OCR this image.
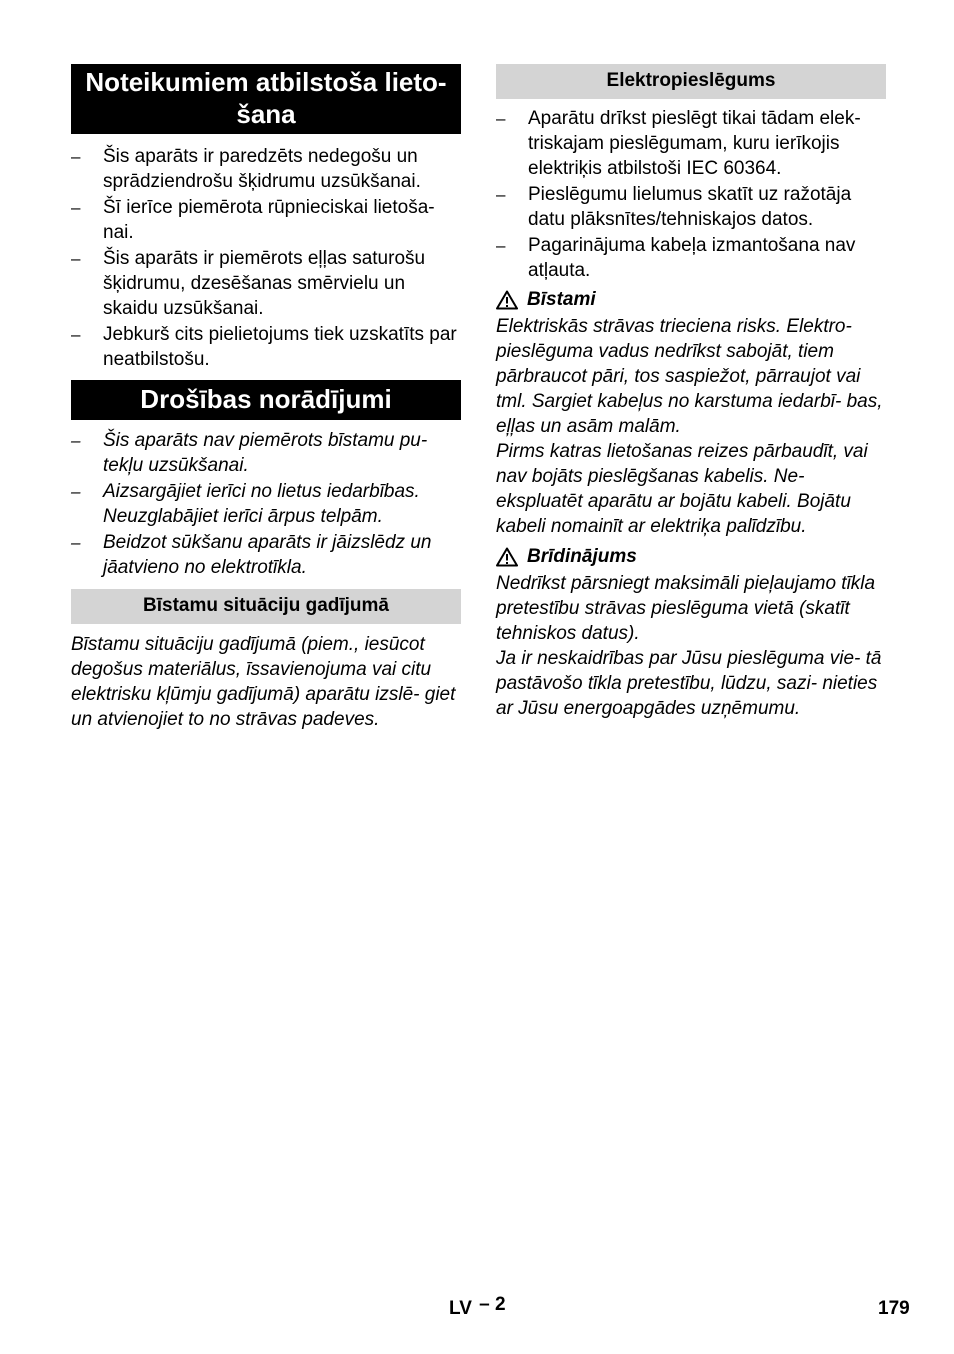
Noteikumiem atbilstoša lieto-
šana
– Šis aparāts ir paredzēts nedegošu un sprādziendrošu šķidrumu uzsūkšanai.
– Šī ierīce piemērota rūpnieciskai lietoša- nai.
– Šis aparāts ir piemērots eļļas saturošu šķidrumu, dzesēšanas smērvielu un skaidu uzsūkšanai.
– Jebkurš cits pielietojums tiek uzskatīts par neatbilstošu.
Drošības norādījumi
– Šis aparāts nav piemērots bīstamu pu- tekļu uzsūkšanai.
– Aizsargājiet ierīci no lietus iedarbības. Neuzglabājiet ierīci ārpus telpām.
– Beidzot sūkšanu aparāts ir jāizslēdz un jāatvieno no elektrotīkla.
Bīstamu situāciju gadījumā

Bīstamu situāciju gadījumā (piem., iesūcot degošus materiālus, īssavienojuma vai citu elektrisku kļūmju gadījumā) aparātu izslē- giet un atvienojiet to no strāvas padeves.

Elektropieslēgums
– Aparātu drīkst pieslēgt tikai tādam elek- triskajam pieslēgumam, kuru ierīkojis elektriķis atbilstoši IEC 60364.
– Pieslēgumu lielumus skatīt uz ražotāja datu plāksnītes/tehniskajos datos.
– Pagarinājuma kabeļa izmantošana nav atļauta.
Bīstami

Elektriskās strāvas trieciena risks. Elektro- pieslēguma vadus nedrīkst sabojāt, tiem pārbraucot pāri, tos saspiežot, pārraujot vai tml. Sargiet kabeļus no karstuma iedarbī- bas, eļļas un asām malām.

Pirms katras lietošanas reizes pārbaudīt, vai nav bojāts pieslēgšanas kabelis. Ne- ekspluatēt aparātu ar bojātu kabeli. Bojātu kabeli nomainīt ar elektriķa palīdzību.

Brīdinājums

Nedrīkst pārsniegt maksimāli pieļaujamo tīkla pretestību strāvas pieslēguma vietā (skatīt tehniskos datus).

Ja ir neskaidrības par Jūsu pieslēguma vie- tā pastāvošo tīkla pretestību, lūdzu, sazi- nieties ar Jūsu energoapgādes uzņēmumu.

LV – 2	179
